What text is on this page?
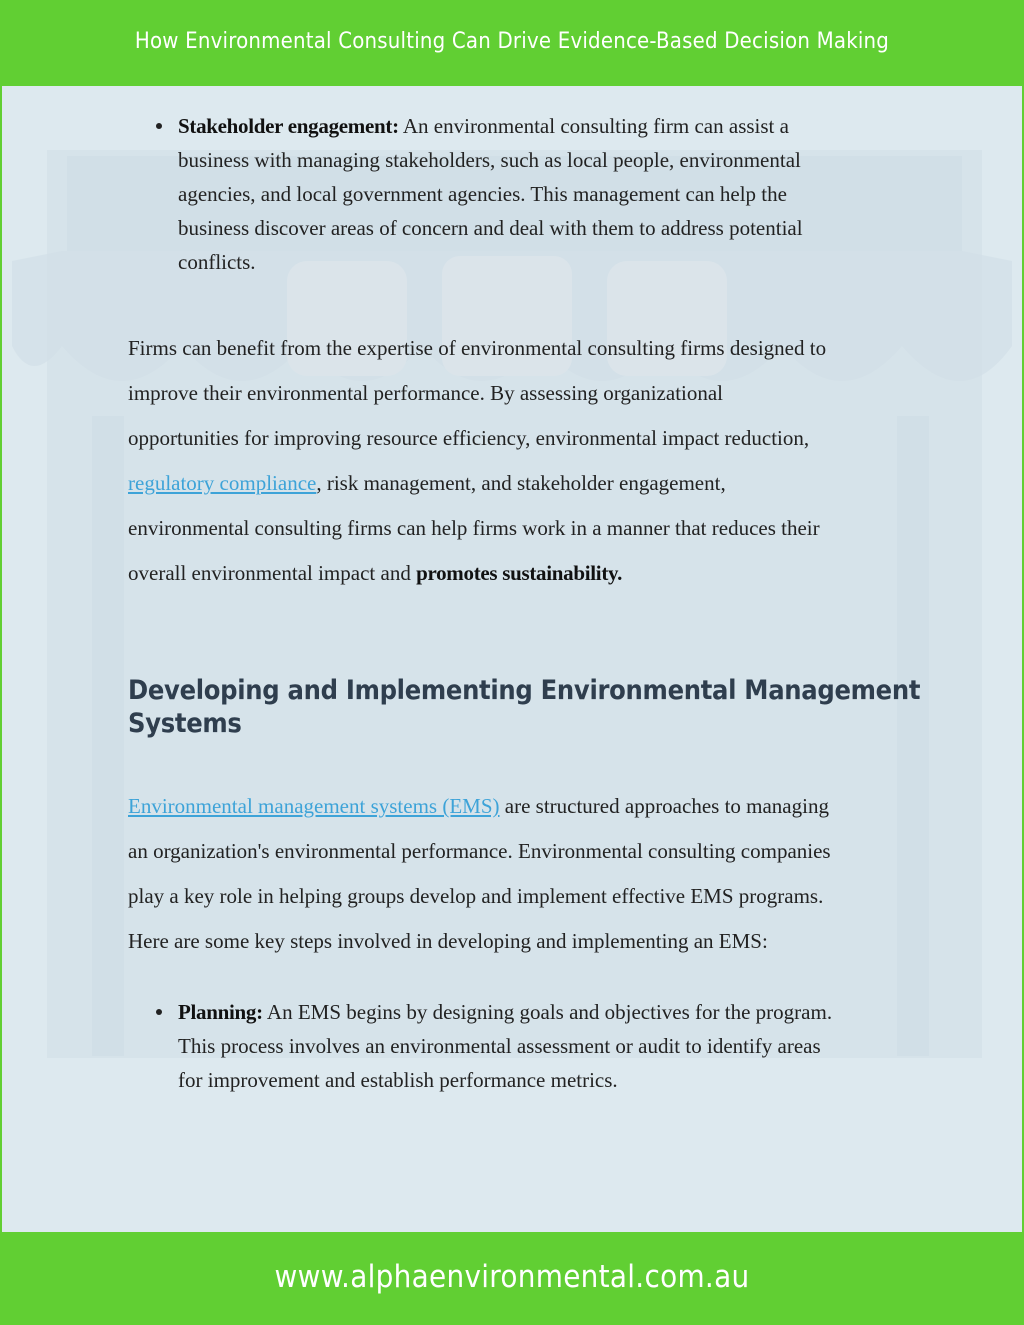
How Environmental Consulting Can Drive Evidence-Based Decision Making
Stakeholder engagement: An environmental consulting firm can assist a
business with managing stakeholders, such as local people, environmental
agencies, and local government agencies. This management can help the
business discover areas of concern and deal with them to address potential
conflicts.
Firms can benefit from the expertise of environmental consulting firms designed to
improve their environmental performance. By assessing organizational
opportunities for improving resource efficiency, environmental impact reduction,
regulatory compliance, risk management, and stakeholder engagement,
environmental consulting firms can help firms work in a manner that reduces their
overall environmental impact and promotes sustainability.
Developing and Implementing Environmental Management
Systems
Environmental management systems (EMS) are structured approaches to managing
an organization's environmental performance. Environmental consulting companies
play a key role in helping groups develop and implement effective EMS programs.
Here are some key steps involved in developing and implementing an EMS:
Planning: An EMS begins by designing goals and objectives for the program.
This process involves an environmental assessment or audit to identify areas
for improvement and establish performance metrics.
www.alphaenvironmental.com.au
